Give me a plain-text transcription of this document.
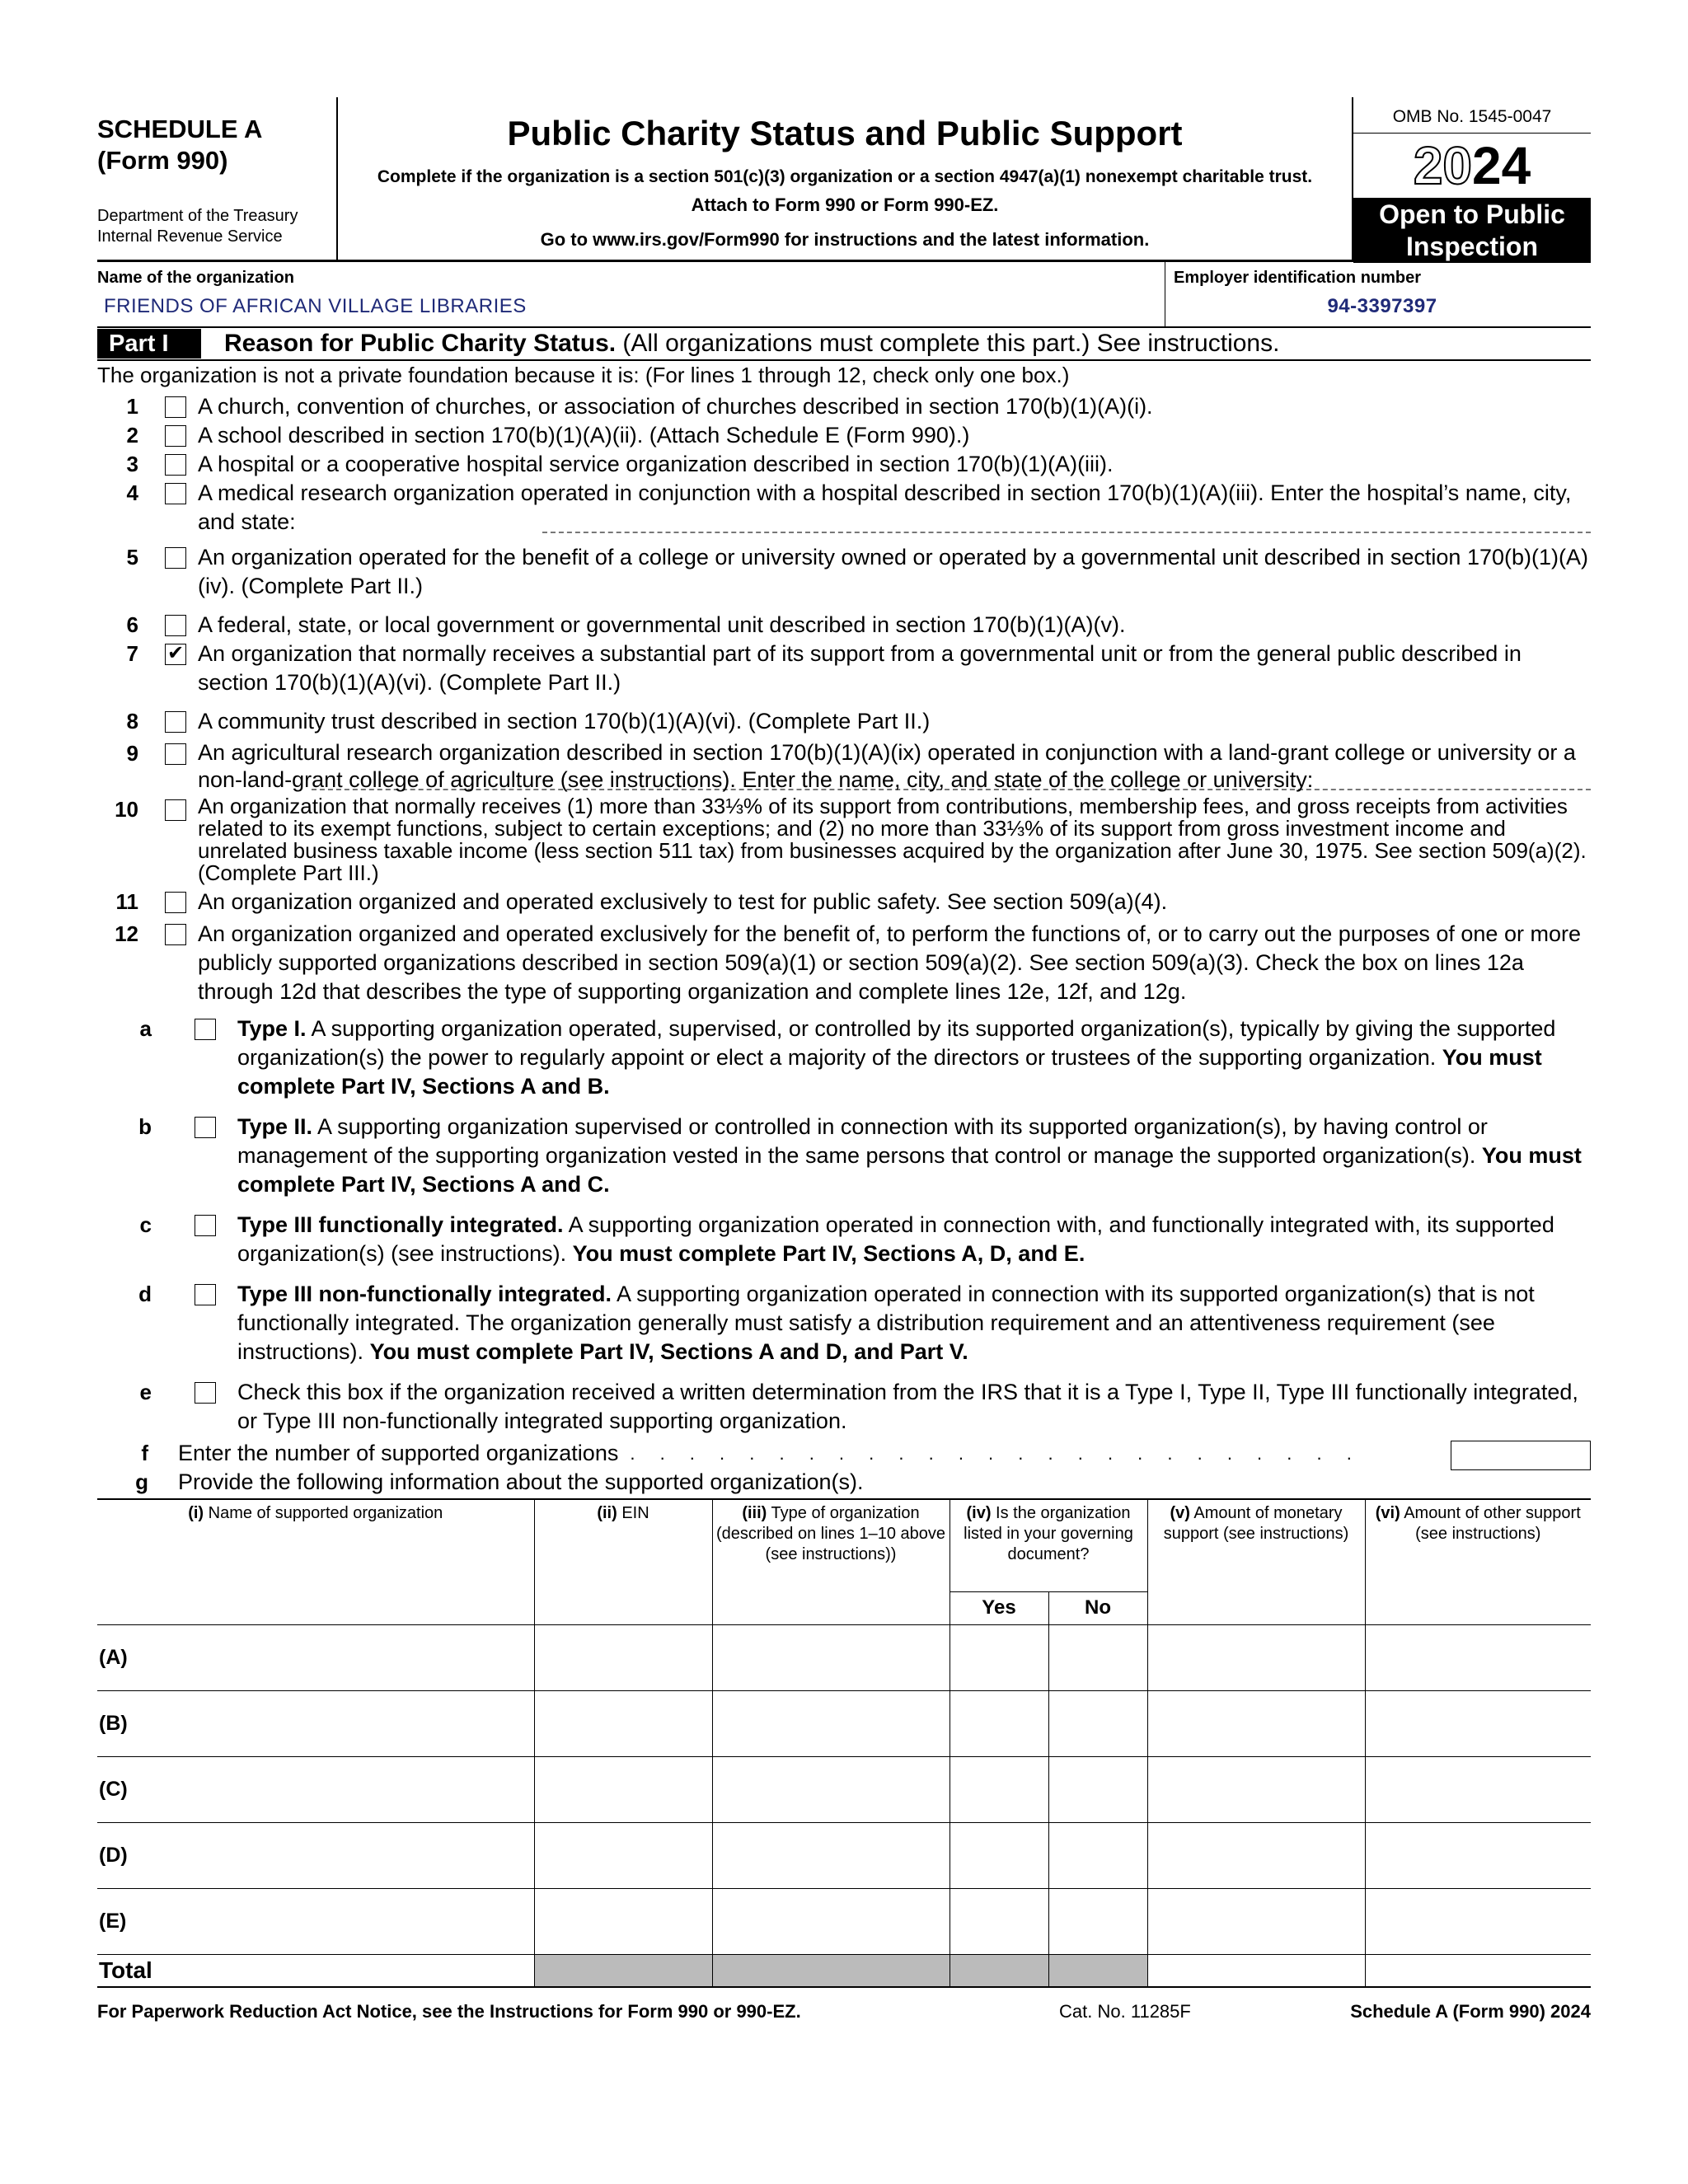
SCHEDULE A
(Form 990)
Department of the Treasury
Internal Revenue Service
Public Charity Status and Public Support
Complete if the organization is a section 501(c)(3) organization or a section 4947(a)(1) nonexempt charitable trust.
Attach to Form 990 or Form 990-EZ.
Go to www.irs.gov/Form990 for instructions and the latest information.
OMB No. 1545-0047
2024
Open to Public
Inspection
Name of the organization
FRIENDS OF AFRICAN VILLAGE LIBRARIES
Employer identification number
94-3397397
Part I	Reason for Public Charity Status. (All organizations must complete this part.) See instructions.
The organization is not a private foundation because it is: (For lines 1 through 12, check only one box.)
1	A church, convention of churches, or association of churches described in section 170(b)(1)(A)(i).
2	A school described in section 170(b)(1)(A)(ii). (Attach Schedule E (Form 990).)
3	A hospital or a cooperative hospital service organization described in section 170(b)(1)(A)(iii).
4	A medical research organization operated in conjunction with a hospital described in section 170(b)(1)(A)(iii). Enter the hospital’s name, city, and state:
5	An organization operated for the benefit of a college or university owned or operated by a governmental unit described in section 170(b)(1)(A)(iv). (Complete Part II.)
6	A federal, state, or local government or governmental unit described in section 170(b)(1)(A)(v).
7 ✔ An organization that normally receives a substantial part of its support from a governmental unit or from the general public described in section 170(b)(1)(A)(vi). (Complete Part II.)
8	A community trust described in section 170(b)(1)(A)(vi). (Complete Part II.)
9	An agricultural research organization described in section 170(b)(1)(A)(ix) operated in conjunction with a land-grant college or university or a non-land-grant college of agriculture (see instructions). Enter the name, city, and state of the college or university:
10	An organization that normally receives (1) more than 33⅓% of its support from contributions, membership fees, and gross receipts from activities related to its exempt functions, subject to certain exceptions; and (2) no more than 33⅓% of its support from gross investment income and unrelated business taxable income (less section 511 tax) from businesses acquired by the organization after June 30, 1975. See section 509(a)(2). (Complete Part III.)
11	An organization organized and operated exclusively to test for public safety. See section 509(a)(4).
12	An organization organized and operated exclusively for the benefit of, to perform the functions of, or to carry out the purposes of one or more publicly supported organizations described in section 509(a)(1) or section 509(a)(2). See section 509(a)(3). Check the box on lines 12a through 12d that describes the type of supporting organization and complete lines 12e, 12f, and 12g.
a	Type I. A supporting organization operated, supervised, or controlled by its supported organization(s), typically by giving the supported organization(s) the power to regularly appoint or elect a majority of the directors or trustees of the supporting organization. You must complete Part IV, Sections A and B.
b	Type II. A supporting organization supervised or controlled in connection with its supported organization(s), by having control or management of the supporting organization vested in the same persons that control or manage the supported organization(s). You must complete Part IV, Sections A and C.
c	Type III functionally integrated. A supporting organization operated in connection with, and functionally integrated with, its supported organization(s) (see instructions). You must complete Part IV, Sections A, D, and E.
d	Type III non-functionally integrated. A supporting organization operated in connection with its supported organization(s) that is not functionally integrated. The organization generally must satisfy a distribution requirement and an attentiveness requirement (see instructions). You must complete Part IV, Sections A and D, and Part V.
e	Check this box if the organization received a written determination from the IRS that it is a Type I, Type II, Type III functionally integrated, or Type III non-functionally integrated supporting organization.
f Enter the number of supported organizations . . . . . . . . . . . . . . . . . . . . . . . . .
g	Provide the following information about the supported organization(s).
(i) Name of supported organization	(ii) EIN	(iii) Type of organization (described on lines 1–10 above (see instructions))	(iv) Is the organization listed in your governing document?		(v) Amount of monetary support (see instructions)	(vi) Amount of other support (see instructions)
			Yes	No		
(A)						
(B)						
(C)						
(D)						
(E)						
Total						
For Paperwork Reduction Act Notice, see the Instructions for Form 990 or 990-EZ.	Cat. No. 11285F	Schedule A (Form 990) 2024
